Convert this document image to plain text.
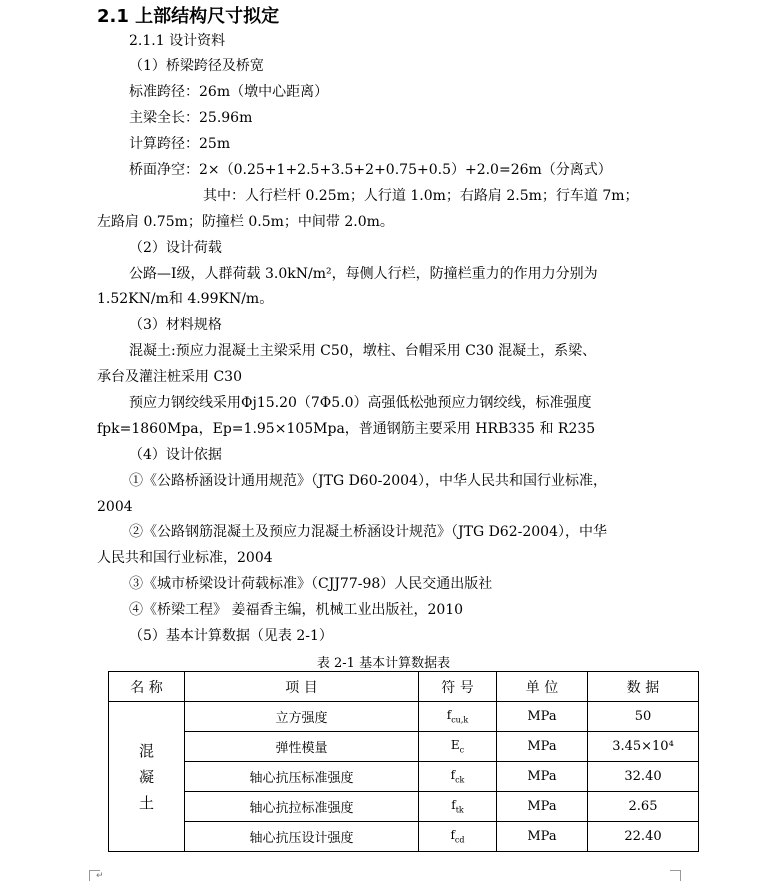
2.1 上部结构尺寸拟定
2.1.1 设计资料
（1）桥梁跨径及桥宽
标准跨径：26m（墩中心距离）
主梁全长：25.96m
计算跨径：25m
桥面净空：2×（0.25+1+2.5+3.5+2+0.75+0.5）+2.0=26m（分离式）
其中：人行栏杆 0.25m；人行道 1.0m；右路肩 2.5m；行车道 7m；
左路肩 0.75m；防撞栏 0.5m；中间带 2.0m。
（2）设计荷载
公路—Ⅰ级，人群荷载 3.0kN/m²，每侧人行栏，防撞栏重力的作用力分别为
1.52KN/m和 4.99KN/m。
（3）材料规格
混凝土:预应力混凝土主梁采用 C50，墩柱、台帽采用 C30 混凝土，系梁、
承台及灌注桩采用 C30
预应力钢绞线采用Φj15.20（7Φ5.0）高强低松弛预应力钢绞线，标准强度
fpk=1860Mpa，Ep=1.95×105Mpa，普通钢筋主要采用 HRB335 和 R235
（4）设计依据
①《公路桥涵设计通用规范》（JTG D60-2004），中华人民共和国行业标准，
2004
②《公路钢筋混凝土及预应力混凝土桥涵设计规范》（JTG D62-2004），中华
人民共和国行业标准，2004
③《城市桥梁设计荷载标准》（CJJ77-98）人民交通出版社
④《桥梁工程》 姜福香主编，机械工业出版社，2010
（5）基本计算数据（见表 2-1）
表 2-1 基本计算数据表
名 称	项 目	符 号	单 位	数 据

混
凝
土	立方强度	$f_{cu,k}$	MPa	50
	弹性模量	$E_c$	MPa	3.45×10⁴
	轴心抗压标准强度	$f_{ck}$	MPa	32.40
	轴心抗拉标准强度	$f_{tk}$	MPa	2.65
	轴心抗压设计强度	$f_{cd}$	MPa	22.40
↵
